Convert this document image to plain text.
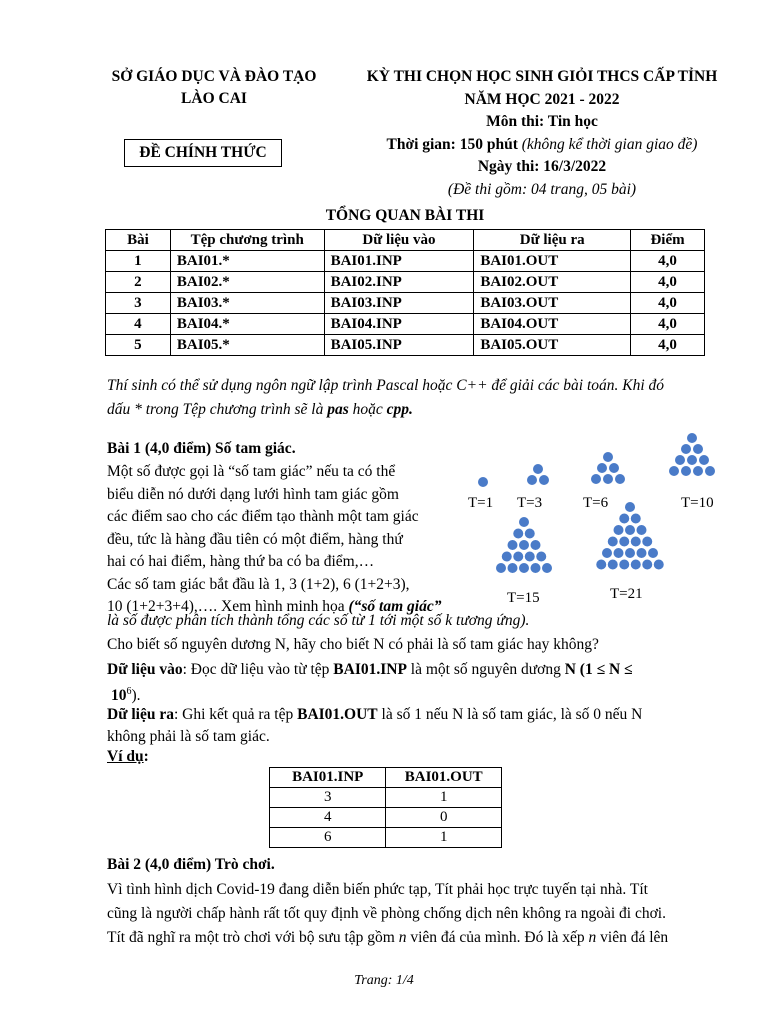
SỞ GIÁO DỤC VÀ ĐÀO TẠO
LÀO CAI
ĐỀ CHÍNH THỨC
KỲ THI CHỌN HỌC SINH GIỎI THCS CẤP TỈNH
NĂM HỌC 2021 - 2022
Môn thi: Tin học
Thời gian: 150 phút (không kể thời gian giao đề)
Ngày thi: 16/3/2022
(Đề thi gồm: 04 trang, 05 bài)
TỔNG QUAN BÀI THI
Bài	Tệp chương trình	Dữ liệu vào	Dữ liệu ra	Điểm
1	BAI01.*	BAI01.INP	BAI01.OUT	4,0
2	BAI02.*	BAI02.INP	BAI02.OUT	4,0
3	BAI03.*	BAI03.INP	BAI03.OUT	4,0
4	BAI04.*	BAI04.INP	BAI04.OUT	4,0
5	BAI05.*	BAI05.INP	BAI05.OUT	4,0
Thí sinh có thể sử dụng ngôn ngữ lập trình Pascal hoặc C++ để giải các bài toán. Khi đó
dấu * trong Tệp chương trình sẽ là pas hoặc cpp.
Bài 1 (4,0 điểm) Số tam giác.
Một số được gọi là “số tam giác” nếu ta có thể
biểu diễn nó dưới dạng lưới hình tam giác gồm
các điểm sao cho các điểm tạo thành một tam giác
đều, tức là hàng đầu tiên có một điểm, hàng thứ
hai có hai điểm, hàng thứ ba có ba điểm,…
Các số tam giác bắt đầu là 1, 3 (1+2), 6 (1+2+3),
10 (1+2+3+4),…. Xem hình minh họa (“số tam giác”
là số được phân tích thành tổng các số từ 1 tới một số k tương ứng).
T=1 T=3	T=6	T=10
T=15	T=21
Cho biết số nguyên dương N, hãy cho biết N có phải là số tam giác hay không?
Dữ liệu vào: Đọc dữ liệu vào từ tệp BAI01.INP là một số nguyên dương N (1 ≤ N ≤
$10^6$).
Dữ liệu ra: Ghi kết quả ra tệp BAI01.OUT là số 1 nếu N là số tam giác, là số 0 nếu N
không phải là số tam giác.
Ví dụ:
BAI01.INP	BAI01.OUT
3	1
4	0
6	1
Bài 2 (4,0 điểm) Trò chơi.
Vì tình hình dịch Covid-19 đang diễn biến phức tạp, Tít phải học trực tuyến tại nhà. Tít
cũng là người chấp hành rất tốt quy định về phòng chống dịch nên không ra ngoài đi chơi.
Tít đã nghĩ ra một trò chơi với bộ sưu tập gồm n viên đá của mình. Đó là xếp n viên đá lên
Trang: 1/4
